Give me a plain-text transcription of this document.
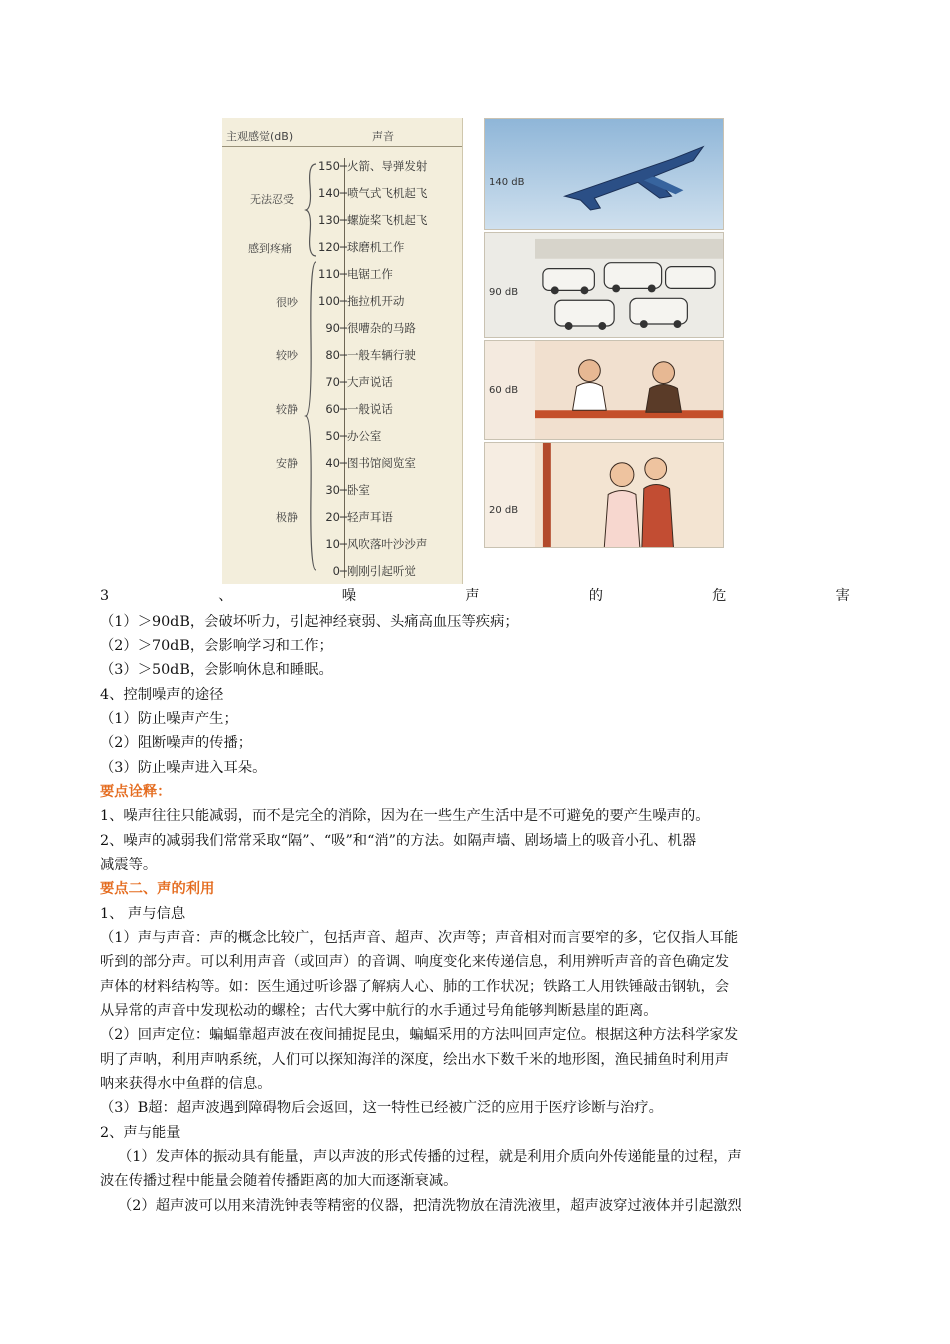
主观感觉(dB)	声音
150─火箭、导弹发射
140─喷气式飞机起飞
130─螺旋桨飞机起飞
120─球磨机工作
110─电锯工作
100─拖拉机开动
90─很嘈杂的马路
80─一般车辆行驶
70─大声说话
60─一般说话
50─办公室
40─图书馆阅览室
30─卧室
20─轻声耳语
10─风吹落叶沙沙声
0─刚刚引起听觉
无法忍受
感到疼痛
很吵
较吵
较静
安静
极静
140 dB
90 dB
60 dB
20 dB
3	、	噪	声	的	危	害
（1）＞90dB，会破坏听力，引起神经衰弱、头痛高血压等疾病；
（2）＞70dB，会影响学习和工作；
（3）＞50dB，会影响休息和睡眠。
4、控制噪声的途径
（1）防止噪声产生；
（2）阻断噪声的传播；
（3）防止噪声进入耳朵。
要点诠释：
1、噪声往往只能减弱，而不是完全的消除，因为在一些生产生活中是不可避免的要产生噪声的。
2、噪声的减弱我们常常采取“隔”、“吸”和“消”的方法。如隔声墙、剧场墙上的吸音小孔、机器
减震等。
要点二、声的利用
1、 声与信息
（1）声与声音：声的概念比较广，包括声音、超声、次声等；声音相对而言要窄的多，它仅指人耳能
听到的部分声。可以利用声音（或回声）的音调、响度变化来传递信息，利用辨听声音的音色确定发
声体的材料结构等。如：医生通过听诊器了解病人心、肺的工作状况；铁路工人用铁锤敲击钢轨，会
从异常的声音中发现松动的螺栓；古代大雾中航行的水手通过号角能够判断悬崖的距离。
（2）回声定位：蝙蝠靠超声波在夜间捕捉昆虫，蝙蝠采用的方法叫回声定位。根据这种方法科学家发
明了声呐，利用声呐系统，人们可以探知海洋的深度，绘出水下数千米的地形图，渔民捕鱼时利用声
呐来获得水中鱼群的信息。
（3）B超：超声波遇到障碍物后会返回，这一特性已经被广泛的应用于医疗诊断与治疗。
2、声与能量
（1）发声体的振动具有能量，声以声波的形式传播的过程，就是利用介质向外传递能量的过程，声
波在传播过程中能量会随着传播距离的加大而逐渐衰减。
（2）超声波可以用来清洗钟表等精密的仪器，把清洗物放在清洗液里，超声波穿过液体并引起激烈
